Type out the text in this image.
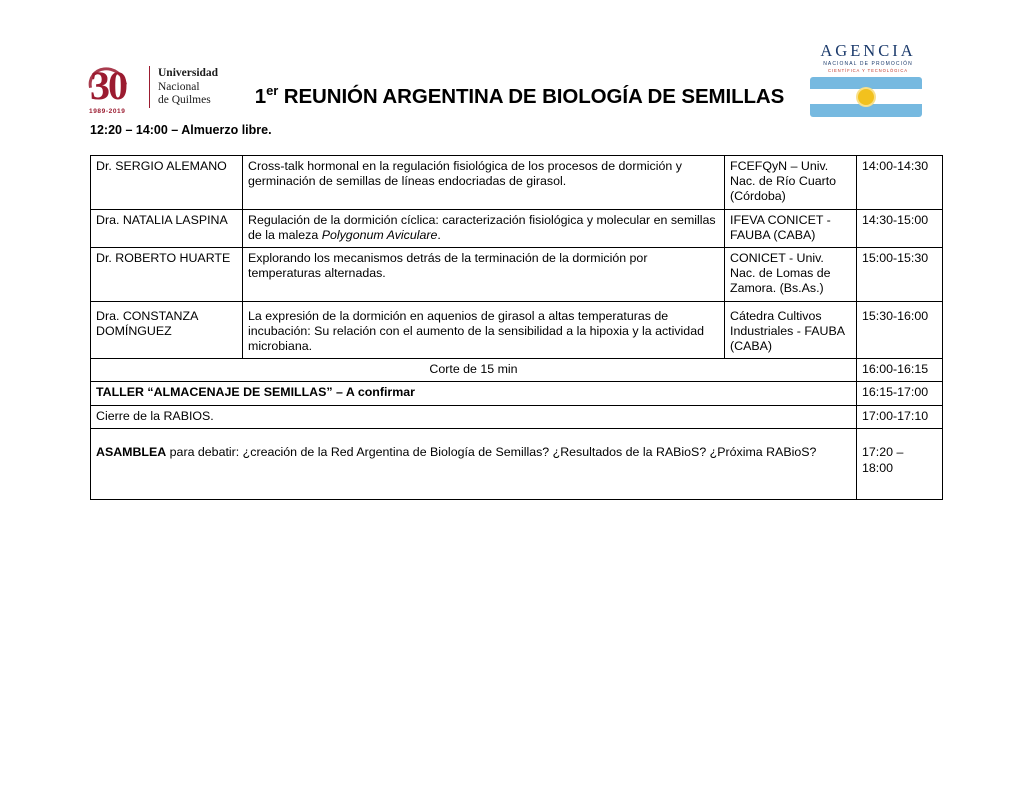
30
1989-2019
Universidad
Nacional
de Quilmes	1er REUNIÓN ARGENTINA DE BIOLOGÍA DE SEMILLAS
AGENCIA
NACIONAL DE PROMOCIÓN
CIENTÍFICA Y TECNOLÓGICA
12:20 – 14:00 – Almuerzo libre.
Dr. SERGIO ALEMANO	Cross-talk hormonal en la regulación fisiológica de los procesos de dormición y germinación de semillas de líneas endocriadas de girasol.	FCEFQyN – Univ. Nac. de Río Cuarto (Córdoba)	14:00-14:30
Dra. NATALIA LASPINA	Regulación de la dormición cíclica: caracterización fisiológica y molecular en semillas de la maleza Polygonum Aviculare.	IFEVA CONICET - FAUBA (CABA)	14:30-15:00
Dr. ROBERTO HUARTE	Explorando los mecanismos detrás de la terminación de la dormición por temperaturas alternadas.	CONICET - Univ. Nac. de Lomas de Zamora. (Bs.As.)	15:00-15:30
Dra. CONSTANZA DOMÍNGUEZ	La expresión de la dormición en aquenios de girasol a altas temperaturas de incubación: Su relación con el aumento de la sensibilidad a la hipoxia y la actividad microbiana.	Cátedra Cultivos Industriales - FAUBA (CABA)	15:30-16:00
Corte de 15 min			16:00-16:15
TALLER “ALMACENAJE DE SEMILLAS” – A confirmar			16:15-17:00
Cierre de la RABIOS.			17:00-17:10

ASAMBLEA para debatir: ¿creación de la Red Argentina de Biología de Semillas? ¿Resultados de la RABioS? ¿Próxima RABioS?			17:20 – 18:00
